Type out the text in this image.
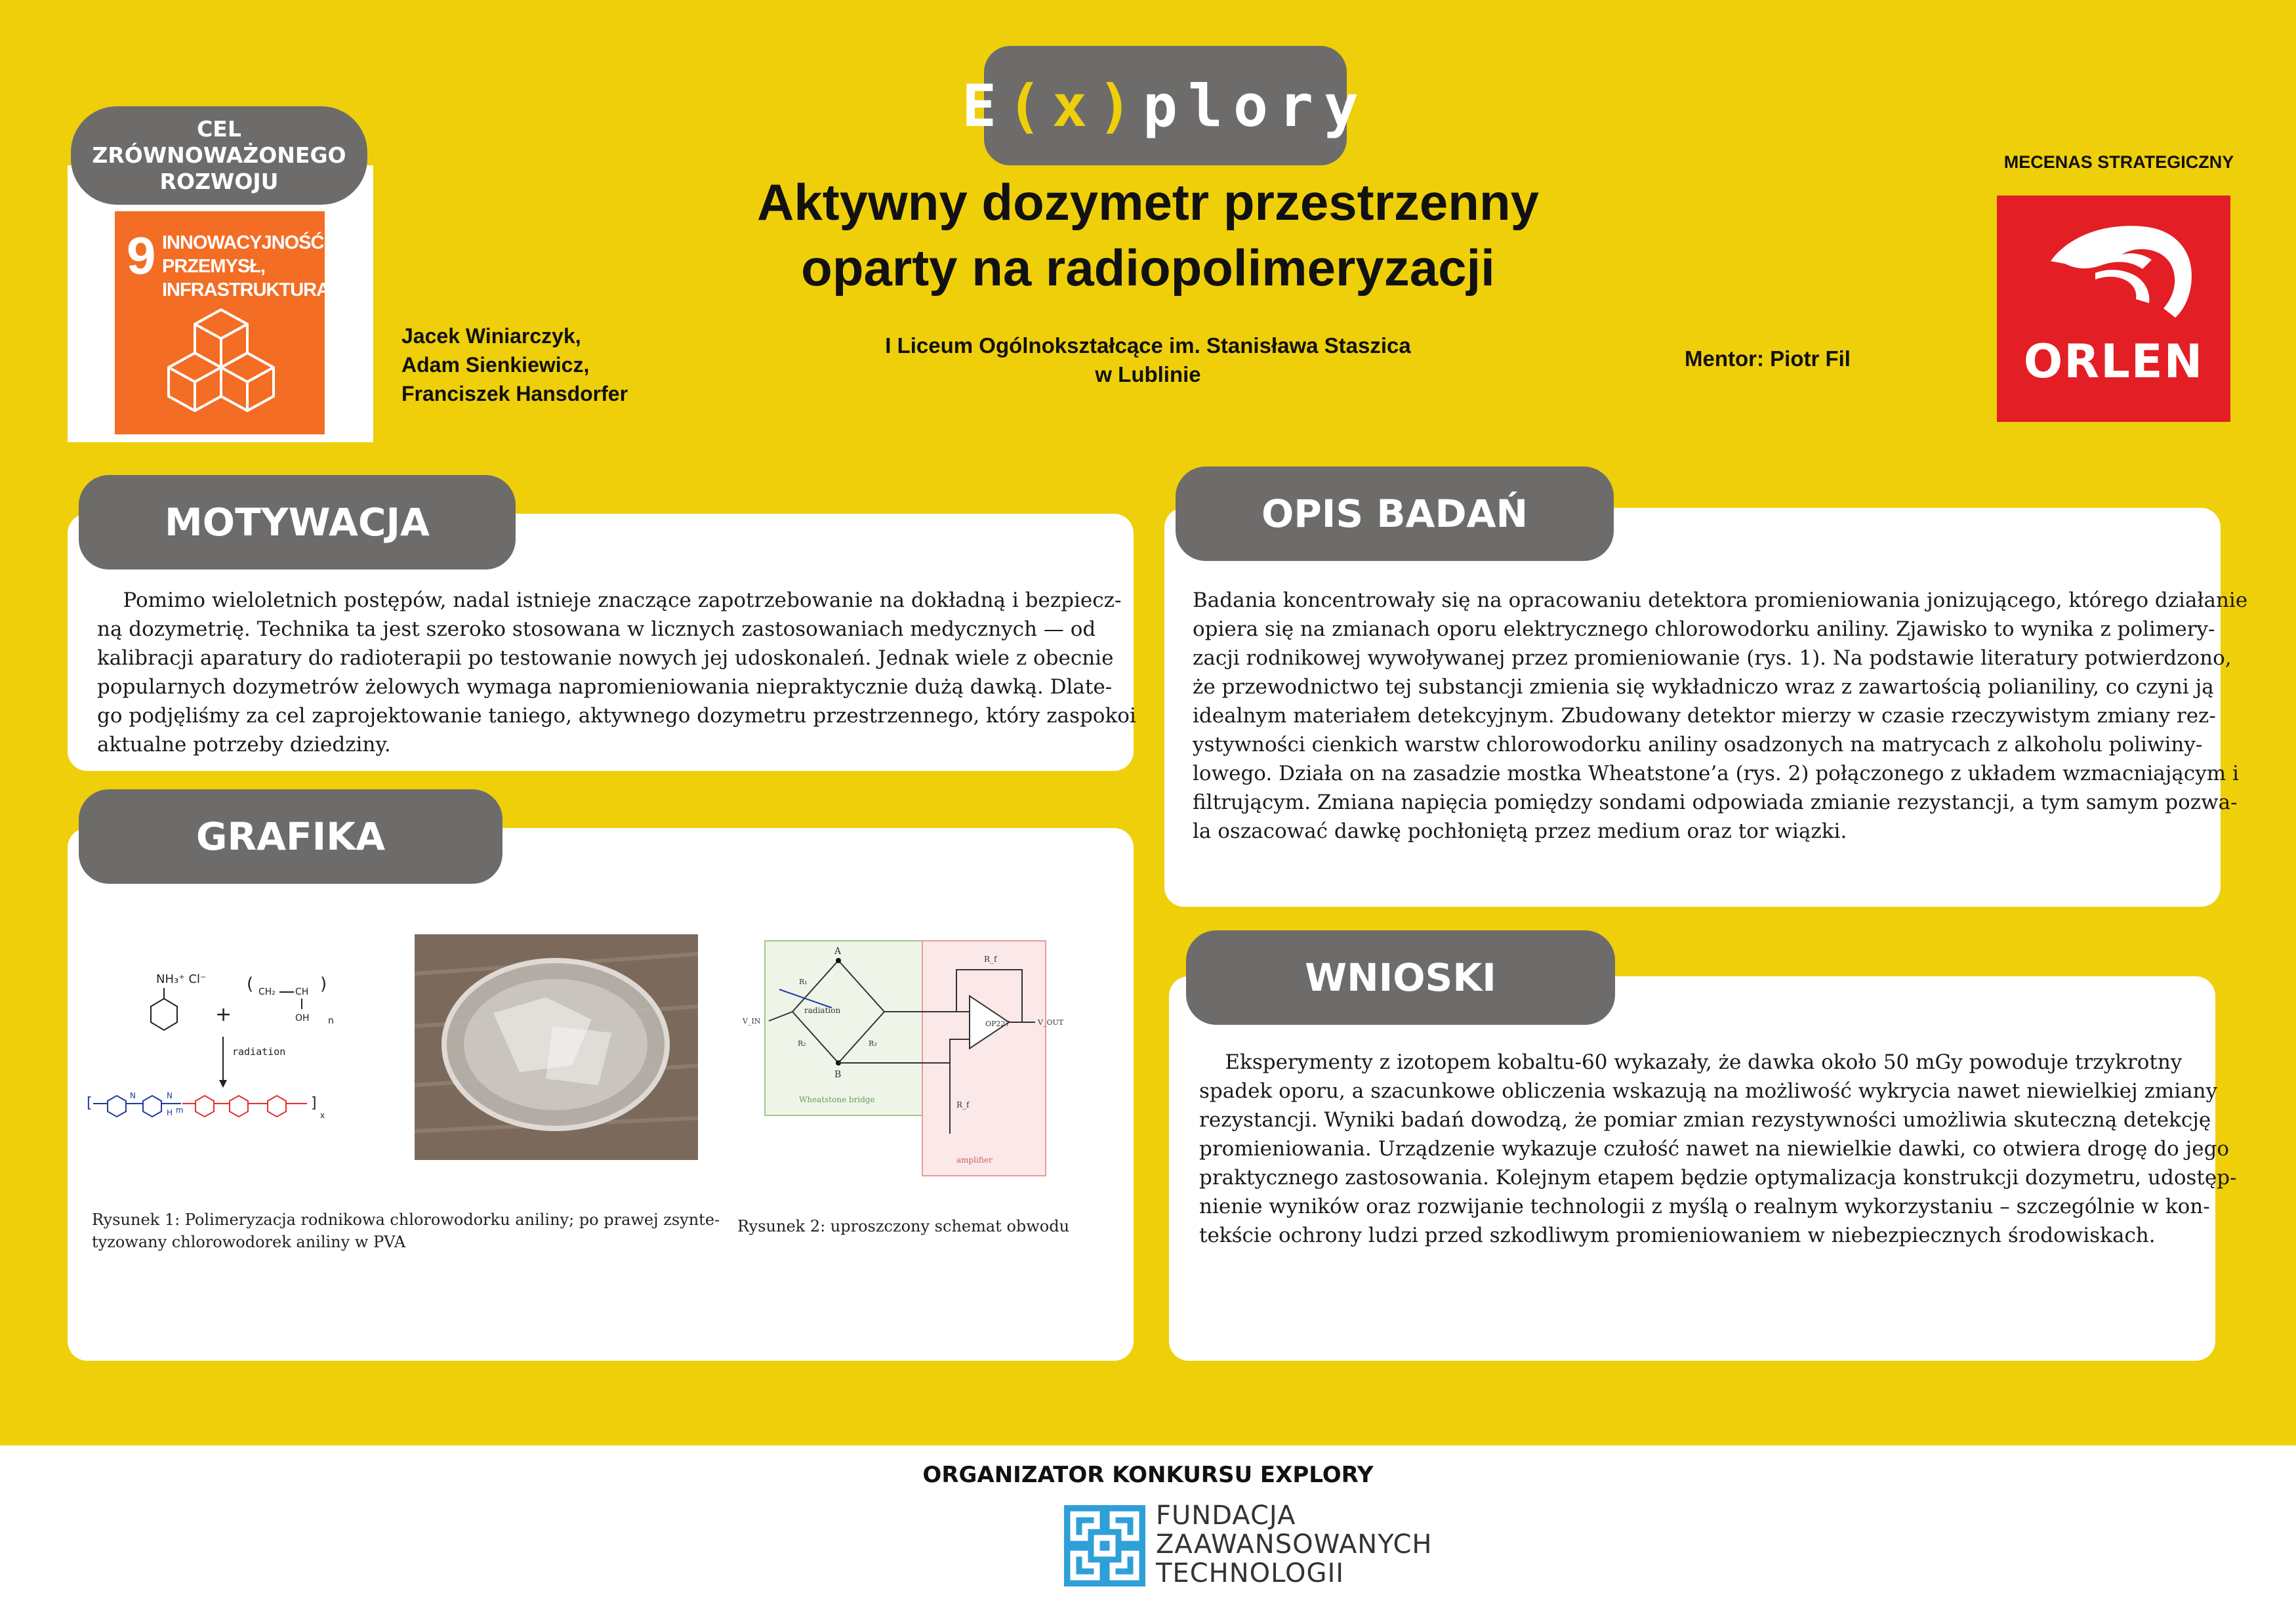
E ( x ) plory
Aktywny dozymetr przestrzenny
oparty na radiopolimeryzacji
CEL
ZRÓWNOWAŻONEGO
ROZWOJU
9 INNOWACYJNOŚĆ,
PRZEMYSŁ,
INFRASTRUKTURA
Jacek Winiarczyk,
Adam Sienkiewicz,
Franciszek Hansdorfer
I Liceum Ogólnokształcące im. Stanisława Staszica
w Lublinie
Mentor: Piotr Fil
MECENAS STRATEGICZNY
ORLEN
MOTYWACJA
Pomimo wieloletnich postępów, nadal istnieje znaczące zapotrzebowanie na dokładną i bezpiecz-
ną dozymetrię. Technika ta jest szeroko stosowana w licznych zastosowaniach medycznych — od
kalibracji aparatury do radioterapii po testowanie nowych jej udoskonaleń. Jednak wiele z obecnie
popularnych dozymetrów żelowych wymaga napromieniowania niepraktycznie dużą dawką. Dlate-
go podjęliśmy za cel zaprojektowanie taniego, aktywnego dozymetru przestrzennego, który zaspokoi
aktualne potrzeby dziedziny.
GRAFIKA
NH₃⁺ Cl⁻
+
( CH₂ CH
OH
)
n
radiation
[	N	N
H m	]
x
A
B
R₁
R₂	R₃
radiation
V_IN	OP227	V_OUT
R_f
R_f
Wheatstone bridge
amplifier
Rysunek 1: Polimeryzacja rodnikowa chlorowodorku aniliny; po prawej zsynte-
tyzowany chlorowodorek aniliny w PVA
Rysunek 2: uproszczony schemat obwodu
OPIS BADAŃ
Badania koncentrowały się na opracowaniu detektora promieniowania jonizującego, którego działanie
opiera się na zmianach oporu elektrycznego chlorowodorku aniliny. Zjawisko to wynika z polimery-
zacji rodnikowej wywoływanej przez promieniowanie (rys. 1). Na podstawie literatury potwierdzono,
że przewodnictwo tej substancji zmienia się wykładniczo wraz z zawartością polianiliny, co czyni ją
idealnym materiałem detekcyjnym. Zbudowany detektor mierzy w czasie rzeczywistym zmiany rez-
ystywności cienkich warstw chlorowodorku aniliny osadzonych na matrycach z alkoholu poliwiny-
lowego. Działa on na zasadzie mostka Wheatstone’a (rys. 2) połączonego z układem wzmacniającym i
filtrującym. Zmiana napięcia pomiędzy sondami odpowiada zmianie rezystancji, a tym samym pozwa-
la oszacować dawkę pochłoniętą przez medium oraz tor wiązki.
WNIOSKI
Eksperymenty z izotopem kobaltu-60 wykazały, że dawka około 50 mGy powoduje trzykrotny
spadek oporu, a szacunkowe obliczenia wskazują na możliwość wykrycia nawet niewielkiej zmiany
rezystancji. Wyniki badań dowodzą, że pomiar zmian rezystywności umożliwia skuteczną detekcję
promieniowania. Urządzenie wykazuje czułość nawet na niewielkie dawki, co otwiera drogę do jego
praktycznego zastosowania. Kolejnym etapem będzie optymalizacja konstrukcji dozymetru, udostęp-
nienie wyników oraz rozwijanie technologii z myślą o realnym wykorzystaniu – szczególnie w kon-
tekście ochrony ludzi przed szkodliwym promieniowaniem w niebezpiecznych środowiskach.
ORGANIZATOR KONKURSU EXPLORY
FUNDACJA
ZAAWANSOWANYCH
TECHNOLOGII
